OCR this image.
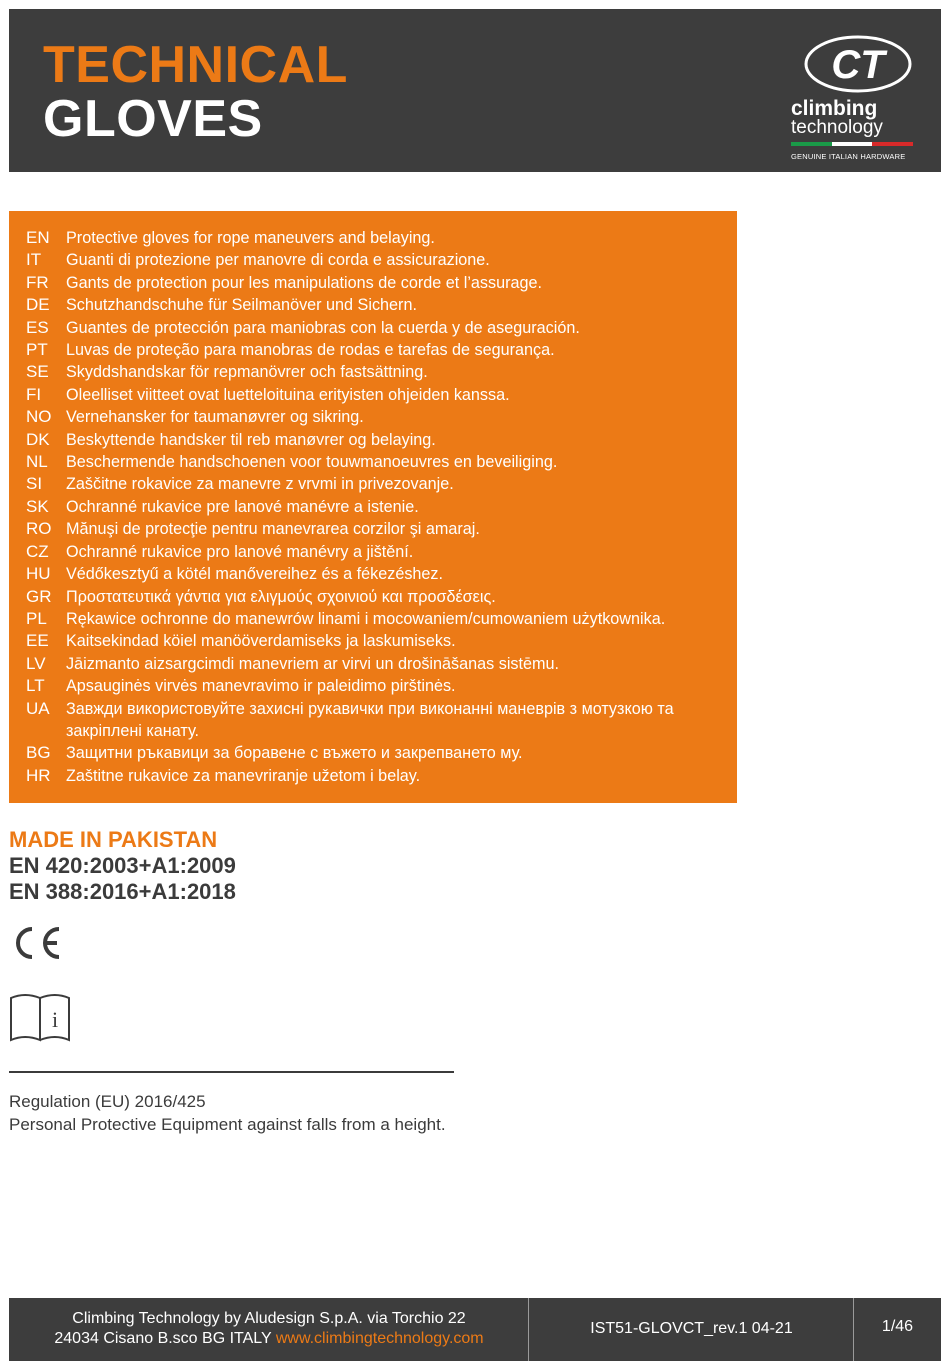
TECHNICAL
GLOVES
CT
climbing
technology
GENUINE ITALIAN HARDWARE
EN	Protective gloves for rope maneuvers and belaying.
IT	Guanti di protezione per manovre di corda e assicurazione.
FR	Gants de protection pour les manipulations de corde et l’assurage.
DE	Schutzhandschuhe für Seilmanöver und Sichern.
ES	Guantes de protección para maniobras con la cuerda y de aseguración.
PT	Luvas de proteção para manobras de rodas e tarefas de segurança.
SE	Skyddshandskar för repmanövrer och fastsättning.
FI	Oleelliset viitteet ovat luetteloituina erityisten ohjeiden kanssa.
NO Vernehansker for taumanøvrer og sikring.
DK	Beskyttende handsker til reb manøvrer og belaying.
NL	Beschermende handschoenen voor touwmanoeuvres en beveiliging.
SI	Zaščitne rokavice za manevre z vrvmi in privezovanje.
SK	Ochranné rukavice pre lanové manévre a istenie.
RO Mănuşi de protecţie pentru manevrarea corzilor şi amaraj.
CZ	Ochranné rukavice pro lanové manévry a jištění.
HU Védőkesztyű a kötél manővereihez és a fékezéshez.
GR Προστατευτικά γάντια για ελιγμούς σχοινιού και προσδέσεις.
PL	Rękawice ochronne do manewrów linami i mocowaniem/cumowaniem użytkownika.
EE	Kaitsekindad köiel manööverdamiseks ja laskumiseks.
LV	Jāizmanto aizsargcimdi manevriem ar virvi un drošināšanas sistēmu.
LT	Apsauginės virvės manevravimo ir paleidimo pirštinės.
UA	Завжди використовуйте захисні рукавички при виконанні маневрів з мотузкою та закріплені канату.
BG Защитни ръкавици за боравене с въжето и закрепването му.
HR Zaštitne rukavice za manevriranje užetom i belay.
MADE IN PAKISTAN
EN 420:2003+A1:2009
EN 388:2016+A1:2018
i
Regulation (EU) 2016/425
Personal Protective Equipment against falls from a height.
Climbing Technology by Aludesign S.p.A. via Torchio 22
24034 Cisano B.sco BG ITALY www.climbingtechnology.com
IST51-GLOVCT_rev.1 04-21	1/46
